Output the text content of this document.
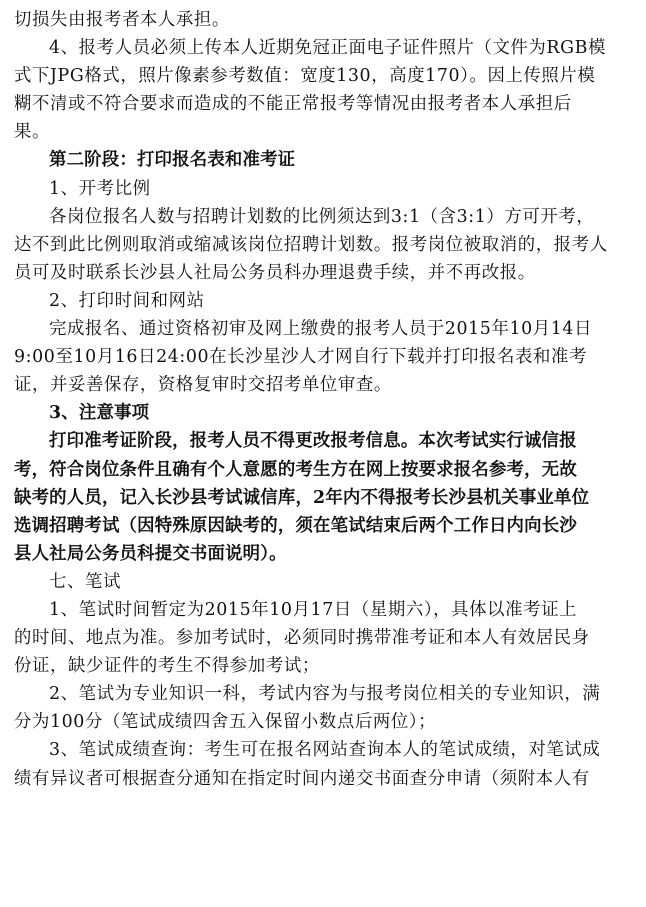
切损失由报考者本人承担。
4、报考人员必须上传本人近期免冠正面电子证件照片（文件为RGB模
式下JPG格式，照片像素参考数值：宽度130，高度170）。因上传照片模
糊不清或不符合要求而造成的不能正常报考等情况由报考者本人承担后
果。
第二阶段：打印报名表和准考证
1、开考比例
各岗位报名人数与招聘计划数的比例须达到3:1（含3:1）方可开考，
达不到此比例则取消或缩减该岗位招聘计划数。报考岗位被取消的，报考人
员可及时联系长沙县人社局公务员科办理退费手续，并不再改报。
2、打印时间和网站
完成报名、通过资格初审及网上缴费的报考人员于2015年10月14日
9:00至10月16日24:00在长沙星沙人才网自行下载并打印报名表和准考
证，并妥善保存，资格复审时交招考单位审查。
3、注意事项
打印准考证阶段，报考人员不得更改报考信息。本次考试实行诚信报
考，符合岗位条件且确有个人意愿的考生方在网上按要求报名参考，无故
缺考的人员，记入长沙县考试诚信库，2年内不得报考长沙县机关事业单位
选调招聘考试（因特殊原因缺考的，须在笔试结束后两个工作日内向长沙
县人社局公务员科提交书面说明）。
七、笔试
1、笔试时间暂定为2015年10月17日（星期六），具体以准考证上
的时间、地点为准。参加考试时，必须同时携带准考证和本人有效居民身
份证，缺少证件的考生不得参加考试；
2、笔试为专业知识一科，考试内容为与报考岗位相关的专业知识，满
分为100分（笔试成绩四舍五入保留小数点后两位）；
3、笔试成绩查询：考生可在报名网站查询本人的笔试成绩，对笔试成
绩有异议者可根据查分通知在指定时间内递交书面查分申请（须附本人有
